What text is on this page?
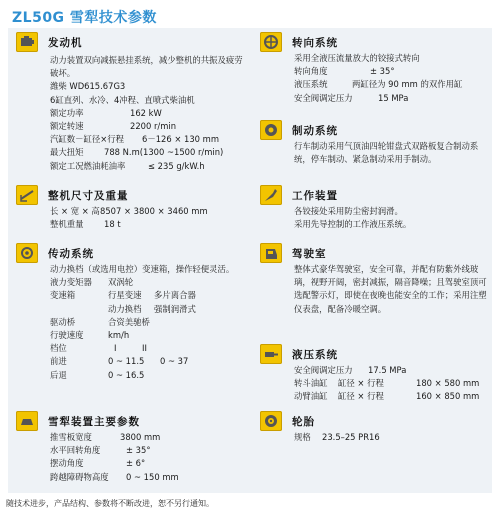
ZL50G 雪犁技术参数
发动机
动力装置双向减振悬挂系统，减少整机的共振及疲劳破坏。
潍柴 WD615.67G3
6缸直列、水冷、4冲程、直喷式柴油机
额定功率	162 kW
额定转速	2200 r/min
汽缸数－缸径×行程 6－126 × 130 mm
最大扭矩 788 N.m(1300 ~1500 r/min)
额定工况燃油耗油率	≤ 235 g/kW.h
整机尺寸及重量
长 × 宽 × 高 8507 × 3800 × 3460 mm
整机重量 18 t
传动系统
动力换档（或选用电控）变速箱，操作轻便灵活。
液力变矩器 双涡轮
变速箱	行星变速 多片离合器
动力换档 强制润滑式
驱动桥	合资美驰桥
行驶速度	km/h
档位	I	II
前进	0 ~ 11.5 0 ~ 37
后退	0 ~ 16.5
雪犁装置主要参数
推雪板宽度	3800 mm
水平回转角度	± 35°
摆动角度	± 6°
跨越障碍物高度 0 ~ 150 mm
转向系统
采用全液压流量放大的铰接式转向
转向角度	± 35°
液压系统	两缸径为 90 mm 的双作用缸
安全阀调定压力	15 MPa
制动系统
行车制动采用气顶油四轮钳盘式双路板复合制动系统，停车制动、紧急制动采用手制动。
工作装置
各铰接处采用防尘密封润滑。
采用先导控制的工作液压系统。
驾驶室
整体式豪华驾驶室，安全可靠，并配有防紫外线玻璃，视野开阔，密封减振，隔音降噪；且驾驶室顶可选配警示灯，即使在夜晚也能安全的工作；采用注塑仪表盘，配备冷暖空调。
液压系统
安全阀调定压力 17.5 MPa
转斗油缸 缸径 × 行程	180 × 580 mm
动臂油缸 缸径 × 行程	160 × 850 mm
轮胎
规格 23.5–25 PR16
随技术进步，产品结构、参数将不断改进，恕不另行通知。
